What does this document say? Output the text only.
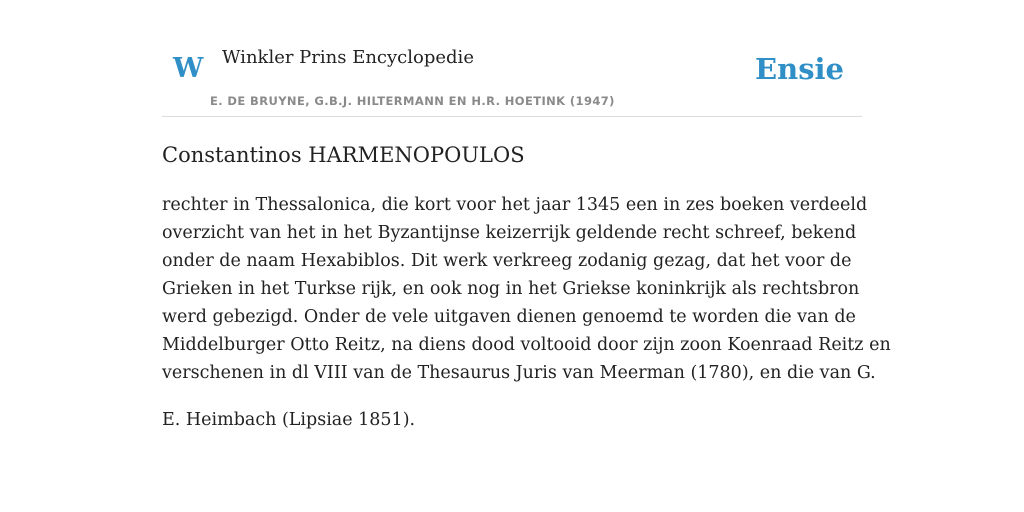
W Winkler Prins Encyclopedie
E. DE BRUYNE, G.B.J. HILTERMANN EN H.R. HOETINK (1947)
Ensie
Constantinos HARMENOPOULOS

rechter in Thessalonica, die kort voor het jaar 1345 een in zes boeken verdeeld
overzicht van het in het Byzantijnse keizerrijk geldende recht schreef, bekend
onder de naam Hexabiblos. Dit werk verkreeg zodanig gezag, dat het voor de
Grieken in het Turkse rijk, en ook nog in het Griekse koninkrijk als rechtsbron
werd gebezigd. Onder de vele uitgaven dienen genoemd te worden die van de
Middelburger Otto Reitz, na diens dood voltooid door zijn zoon Koenraad Reitz en
verschenen in dl VIII van de Thesaurus Juris van Meerman (1780), en die van G.

E. Heimbach (Lipsiae 1851).
